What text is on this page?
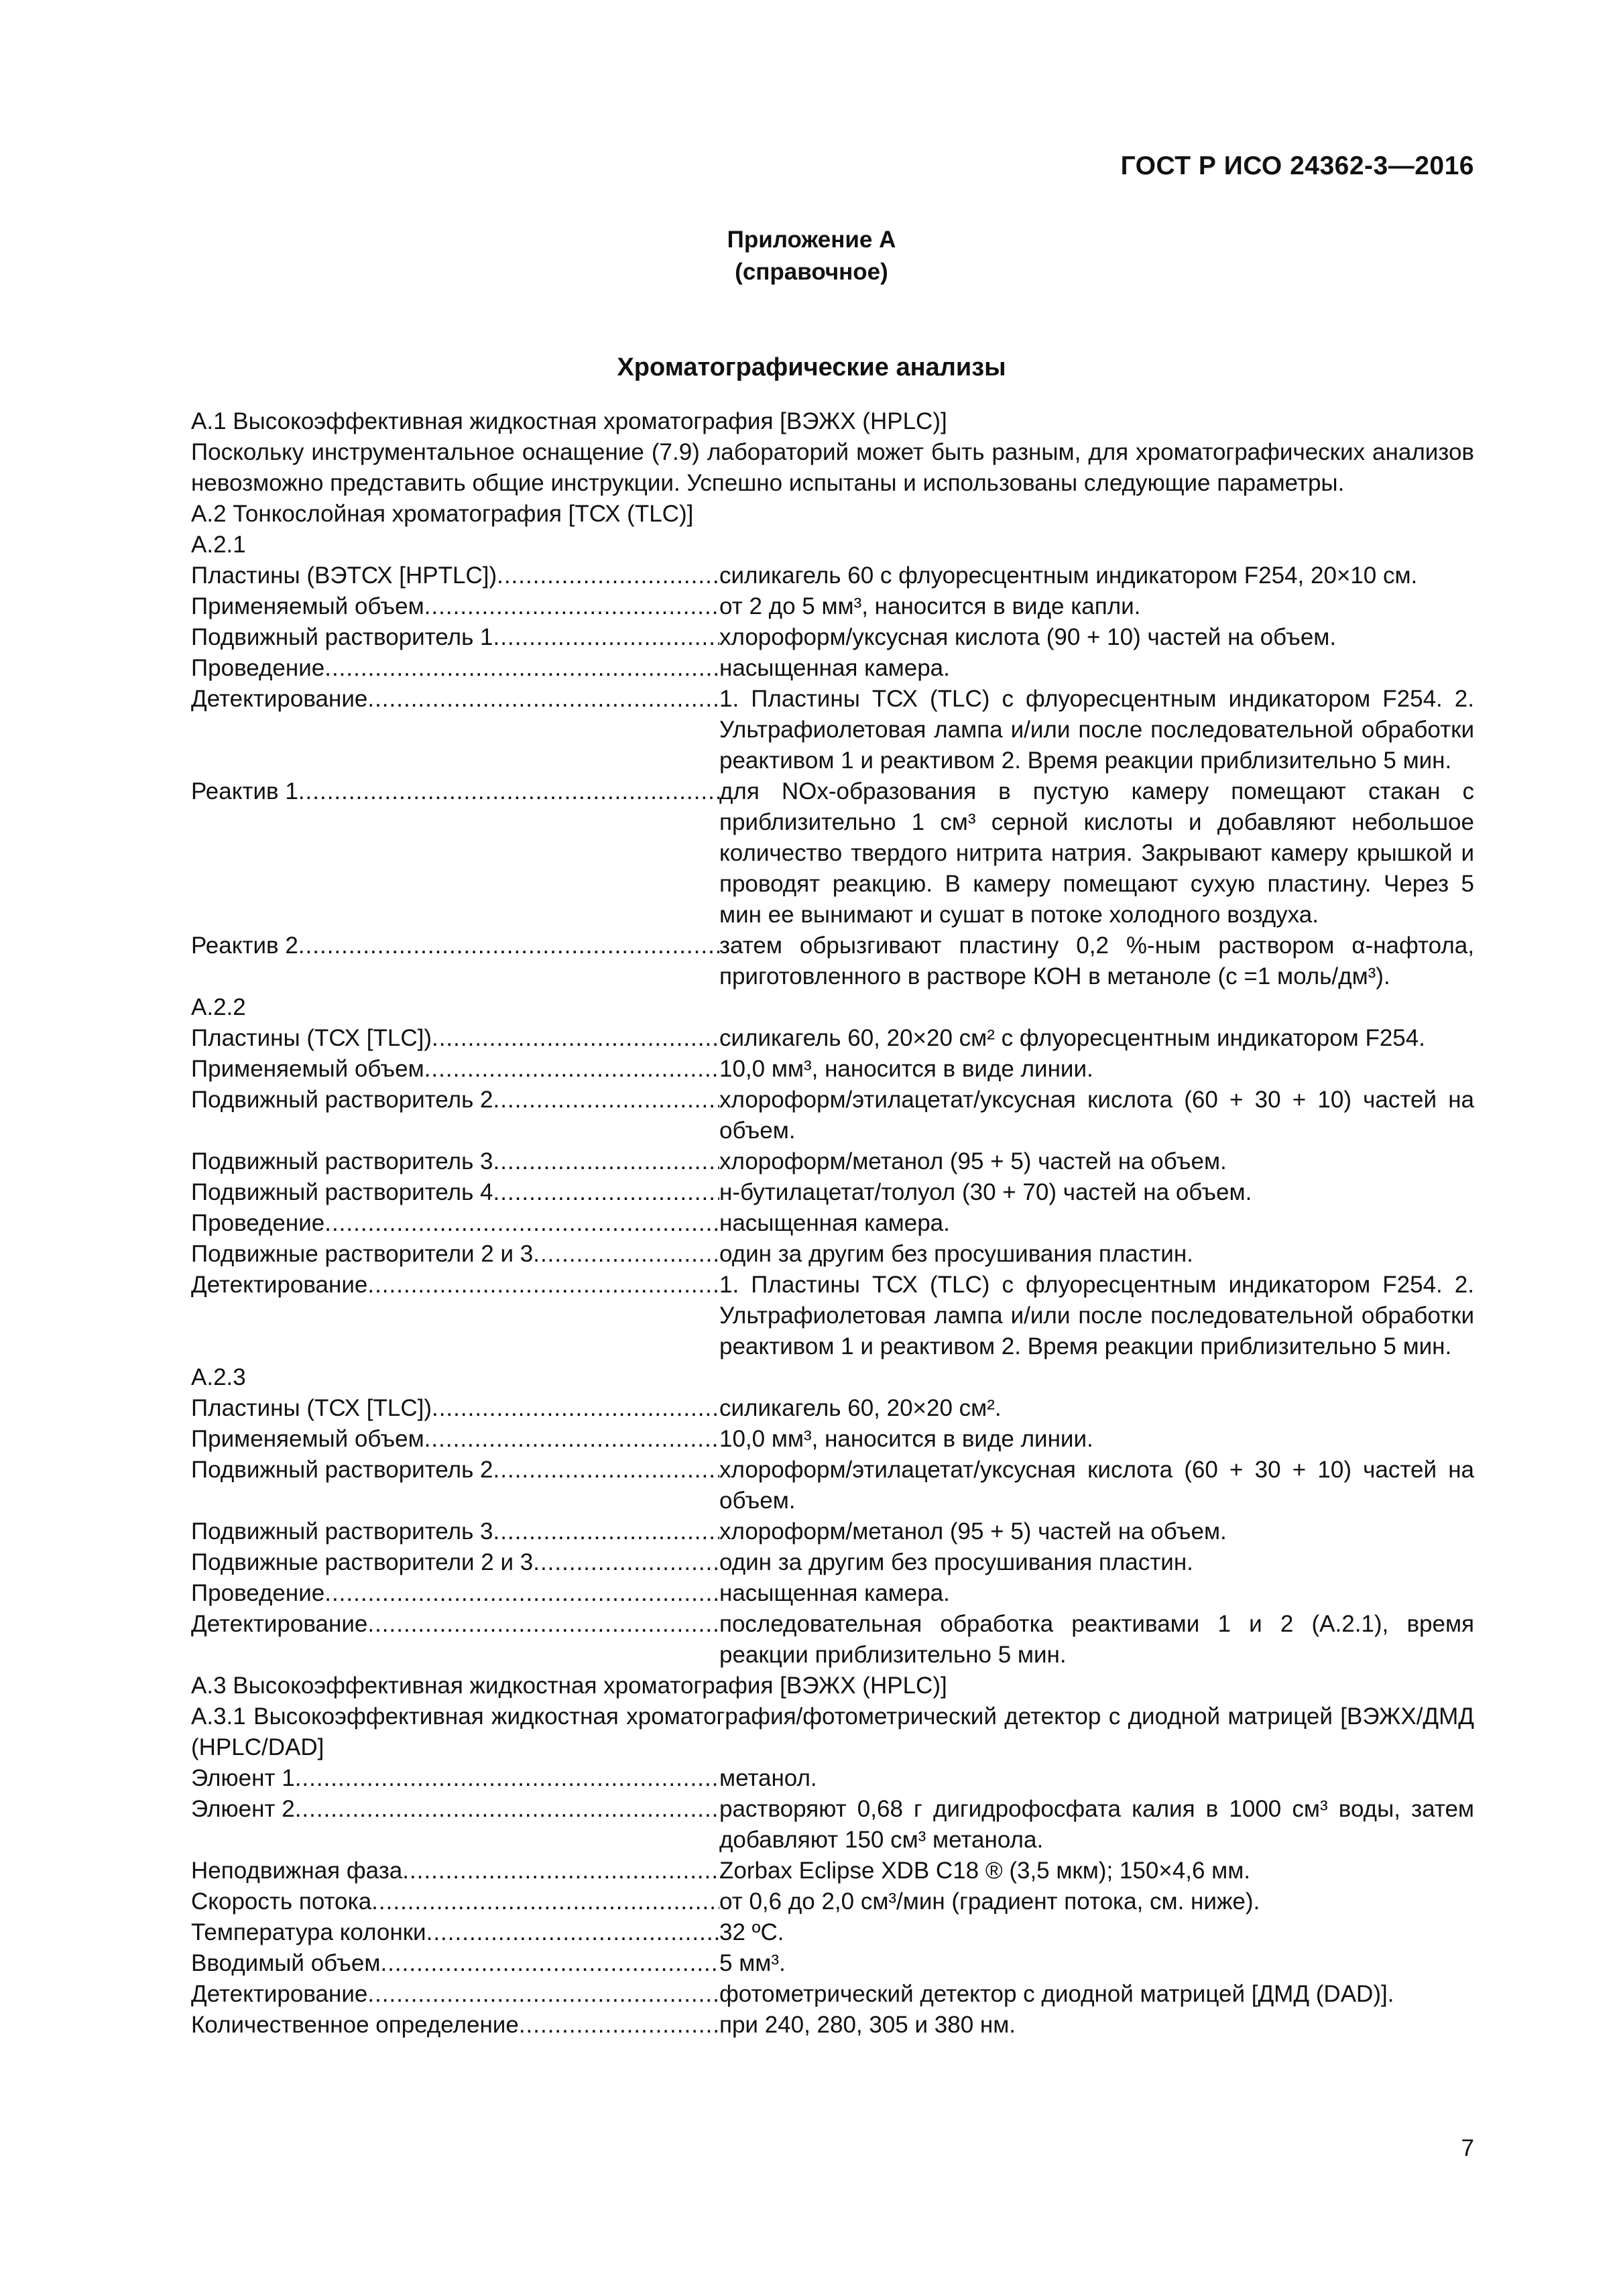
ГОСТ Р ИСО 24362-3—2016
Приложение А
(справочное)
Хроматографические анализы

А.1 Высокоэффективная жидкостная хроматография [ВЭЖХ (HPLC)]

Поскольку инструментальное оснащение (7.9) лабораторий может быть разным, для хроматографических анализов невозможно представить общие инструкции. Успешно испытаны и использованы следующие параметры.

А.2 Тонкослойная хроматография [ТСХ (TLC)]

А.2.1

Пластины (ВЭТСХ [HPTLC]) .....	силикагель 60 с флуоресцентным индикатором F254, 20×10 см.
Применяемый объем .....	от 2 до 5 мм³, наносится в виде капли.
Подвижный растворитель 1 .....	хлороформ/уксусная кислота (90 + 10) частей на объем.
Проведение .....	насыщенная камера.
Детектирование .....	1. Пластины ТСХ (TLC) с флуоресцентным индикатором F254. 2. Ультрафиолетовая лампа и/или после последовательной обработки реактивом 1 и реактивом 2. Время реакции приблизительно 5 мин.
Реактив 1 .....	для NOx-образования в пустую камеру помещают стакан с приблизительно 1 см³ серной кислоты и добавляют небольшое количество твердого нитрита натрия. Закрывают камеру крышкой и проводят реакцию. В камеру помещают сухую пластину. Через 5 мин ее вынимают и сушат в потоке холодного воздуха.
Реактив 2 .....	затем обрызгивают пластину 0,2 %-ным раствором α-нафтола, приготовленного в растворе КОН в метаноле (с =1 моль/дм³).

А.2.2

Пластины (ТСХ [TLC]) .....	силикагель 60, 20×20 см² с флуоресцентным индикатором F254.
Применяемый объем .....	10,0 мм³, наносится в виде линии.
Подвижный растворитель 2 .....	хлороформ/этилацетат/уксусная кислота (60 + 30 + 10) частей на объем.
Подвижный растворитель 3 .....	хлороформ/метанол (95 + 5) частей на объем.
Подвижный растворитель 4 .....	н-бутилацетат/толуол (30 + 70) частей на объем.
Проведение .....	насыщенная камера.
Подвижные растворители 2 и 3 .....	один за другим без просушивания пластин.
Детектирование .....	1. Пластины ТСХ (TLC) с флуоресцентным индикатором F254. 2. Ультрафиолетовая лампа и/или после последовательной обработки реактивом 1 и реактивом 2. Время реакции приблизительно 5 мин.

А.2.3

Пластины (ТСХ [TLC]) .....	силикагель 60, 20×20 см².
Применяемый объем .....	10,0 мм³, наносится в виде линии.
Подвижный растворитель 2 .....	хлороформ/этилацетат/уксусная кислота (60 + 30 + 10) частей на объем.
Подвижный растворитель 3 .....	хлороформ/метанол (95 + 5) частей на объем.
Подвижные растворители 2 и 3 .....	один за другим без просушивания пластин.
Проведение .....	насыщенная камера.
Детектирование .....	последовательная обработка реактивами 1 и 2 (А.2.1), время реакции приблизительно 5 мин.

А.3 Высокоэффективная жидкостная хроматография [ВЭЖХ (HPLC)]

А.3.1 Высокоэффективная жидкостная хроматография/фотометрический детектор с диодной матрицей [ВЭЖХ/ДМД (HPLC/DAD]

Элюент 1 .....	метанол.
Элюент 2 .....	растворяют 0,68 г дигидрофосфата калия в 1000 см³ воды, затем добавляют 150 см³ метанола.
Неподвижная фаза .....	Zorbax Eclipse XDB C18 ® (3,5 мкм); 150×4,6 мм.
Скорость потока .....	от 0,6 до 2,0 см³/мин (градиент потока, см. ниже).
Температура колонки .....	32 ºC.
Вводимый объем .....	5 мм³.
Детектирование .....	фотометрический детектор с диодной матрицей [ДМД (DAD)].
Количественное определение .....	при 240, 280, 305 и 380 нм.
7
